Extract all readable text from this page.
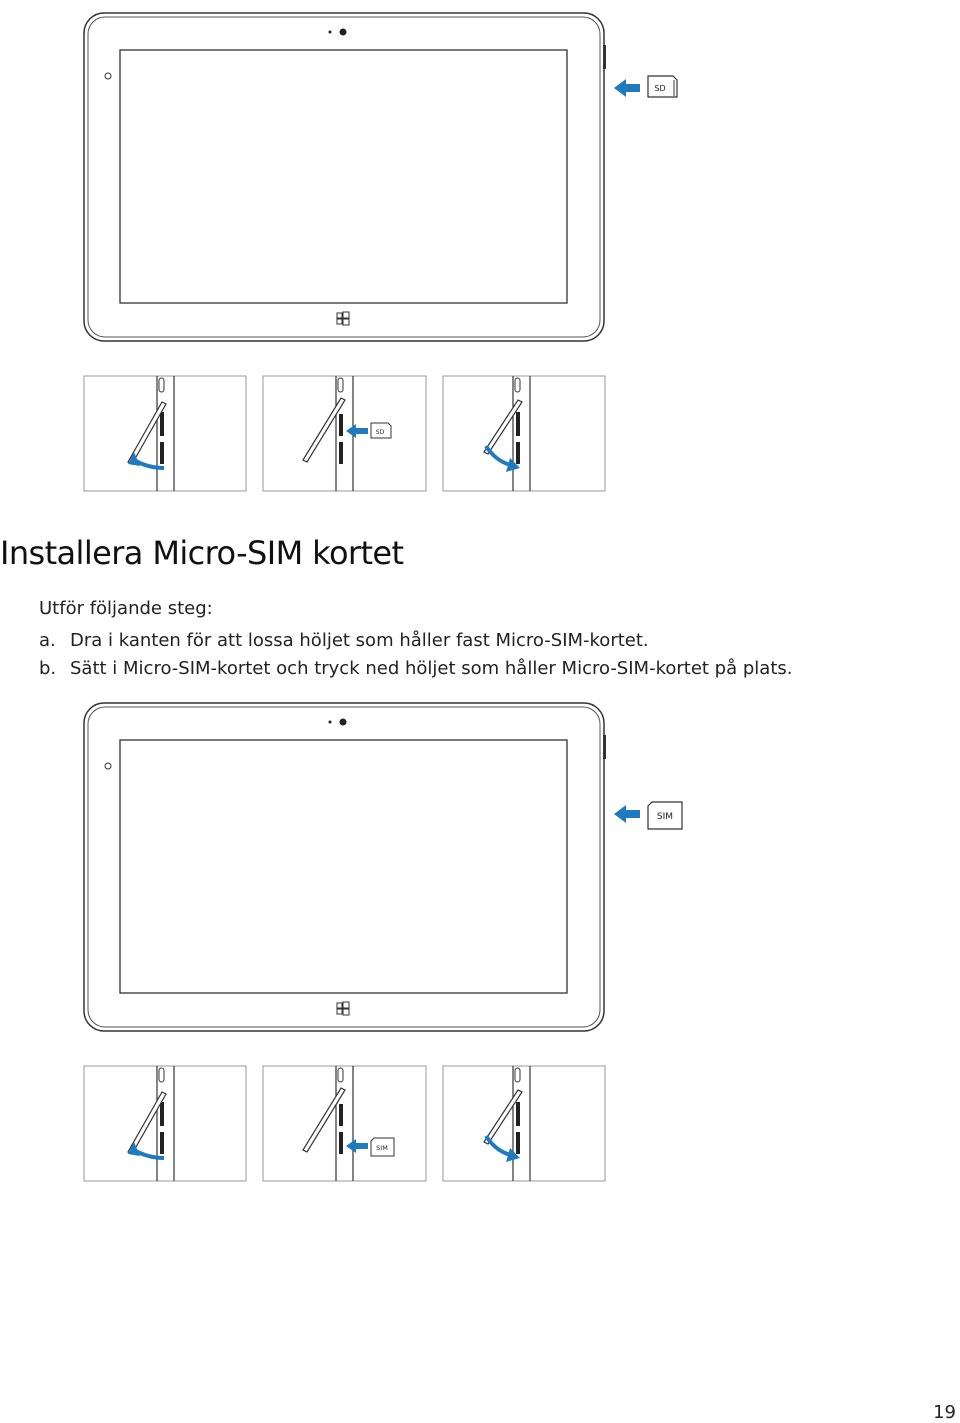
SD
SD
Installera Micro-SIM kortet
Utför följande steg:
a. Dra i kanten för att lossa höljet som håller fast Micro-SIM-kortet.
b. Sätt i Micro-SIM-kortet och tryck ned höljet som håller Micro-SIM-kortet på plats.
SIM
SIM
19
